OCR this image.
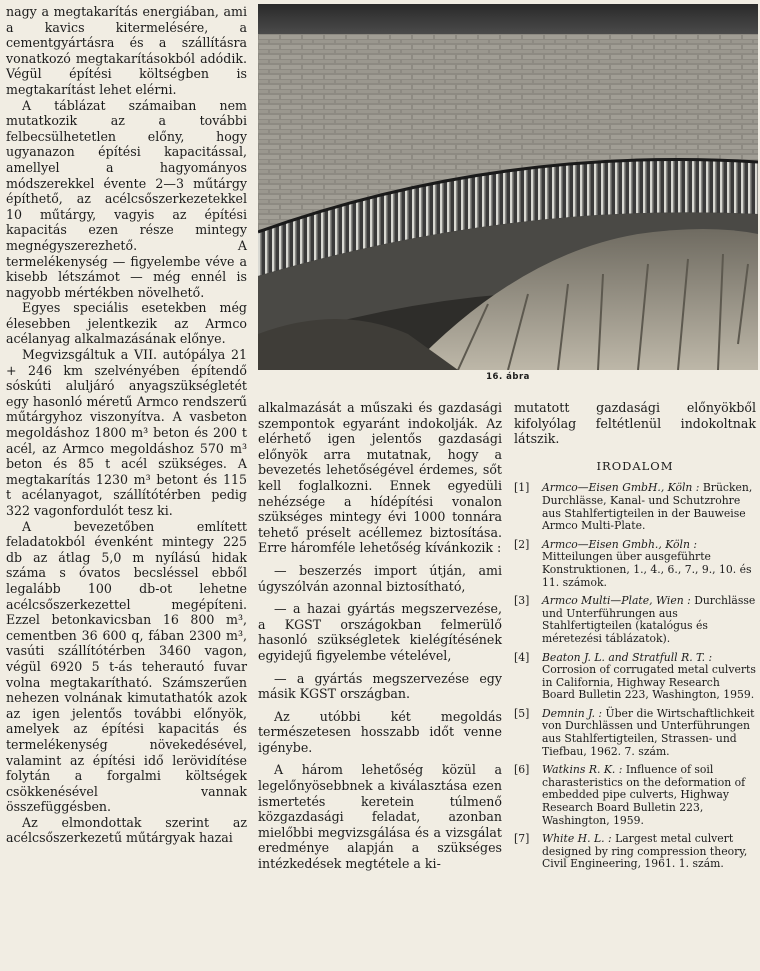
nagy a megtakarítás energiában, ami a kavics kitermelésére, a cementgyártásra és a szállításra vonatkozó megtakarításokból adódik. Végül építési költségben is megtakarítást lehet elérni.

A táblázat számaiban nem mutatkozik az a további felbecsülhetetlen előny, hogy ugyanazon építési kapacitással, amellyel a hagyományos módszerekkel évente 2—3 műtárgy építhető, az acélcsőszerkezetekkel 10 műtárgy, vagyis az építési kapacitás ezen része mintegy megnégyszerezhető. A termelékenység — figyelembe véve a kisebb létszámot — még ennél is nagyobb mértékben növelhető.

Egyes speciális esetekben még élesebben jelentkezik az Armco acélanyag alkalmazásának előnye.

Megvizsgáltuk a VII. autópálya 21 + 246 km szelvényében építendő sóskúti aluljáró anyagszükségletét egy hasonló méretű Armco rendszerű műtárgyhoz viszonyítva. A vasbeton megoldáshoz 1800 m³ beton és 200 t acél, az Armco megoldáshoz 570 m³ beton és 85 t acél szükséges. A megtakarítás 1230 m³ betont és 115 t acélanyagot, szállítótérben pedig 322 vagonfordulót tesz ki.

A bevezetőben említett feladatokból évenként mintegy 225 db az átlag 5,0 m nyílású hidak száma s óvatos becsléssel ebből legalább 100 db-ot lehetne acélcsőszerkezettel megépíteni. Ezzel betonkavicsban 16 800 m³, cementben 36 600 q, fában 2300 m³, vasúti szállítótérben 3460 vagon, végül 6920 5 t-ás teherautó fuvar volna megtakarítható. Számszerűen nehezen volnának kimutathatók azok az igen jelentős további előnyök, amelyek az építési kapacitás és termelékenység növekedésével, valamint az építési idő lerövidítése folytán a forgalmi költségek csökkenésével vannak összefüggésben.

Az elmondottak szerint az acélcsőszerkezetű műtárgyak hazai

16. ábra

alkalmazását a műszaki és gazdasági szempontok egyaránt indokolják. Az elérhető igen jelentős gazdasági előnyök arra mutatnak, hogy a bevezetés lehetőségével érdemes, sőt kell foglalkozni. Ennek egyedüli nehézsége a hídépítési vonalon szükséges mintegy évi 1000 tonnára tehető préselt acéllemez biztosítása. Erre háromféle lehetőség kívánkozik :

— beszerzés import útján, ami úgyszólván azonnal biztosítható,

— a hazai gyártás megszervezése, a KGST országokban felmerülő hasonló szükségletek kielégítésének egyidejű figyelembe vételével,

— a gyártás megszervezése egy másik KGST országban.

Az utóbbi két megoldás természetesen hosszabb időt venne igénybe.

A három lehetőség közül a legelőnyösebbnek a kiválasztása ezen ismertetés keretein túlmenő közgazdasági feladat, azonban mielőbbi megvizsgálása és a vizsgálat eredménye alapján a szükséges intézkedések megtétele a ki-

mutatott gazdasági előnyökből kifolyólag feltétlenül indokoltnak látszik.

IRODALOM
[1] Armco—Eisen GmbH., Köln : Brücken, Durchlässe, Kanal- und Schutzrohre aus Stahlfertigteilen in der Bauweise Armco Multi-Plate.
[2] Armco—Eisen Gmbh., Köln : Mitteilungen über ausgeführte Konstruktionen, 1., 4., 6., 7., 9., 10. és 11. számok.
[3] Armco Multi—Plate, Wien : Durchlässe und Unterführungen aus Stahlfertigteilen (katalógus és méretezési táblázatok).
[4] Beaton J. L. and Stratfull R. T. : Corrosion of corrugated metal culverts in California, Highway Research Board Bulletin 223, Washington, 1959.
[5] Demnin J. : Über die Wirtschaftlichkeit von Durchlässen und Unterführungen aus Stahlfertigteilen, Strassen- und Tiefbau, 1962. 7. szám.
[6] Watkins R. K. : Influence of soil charasteristics on the deformation of embedded pipe culverts, Highway Research Board Bulletin 223, Washington, 1959.
[7] White H. L. : Largest metal culvert designed by ring compression theory, Civil Engineering, 1961. 1. szám.
